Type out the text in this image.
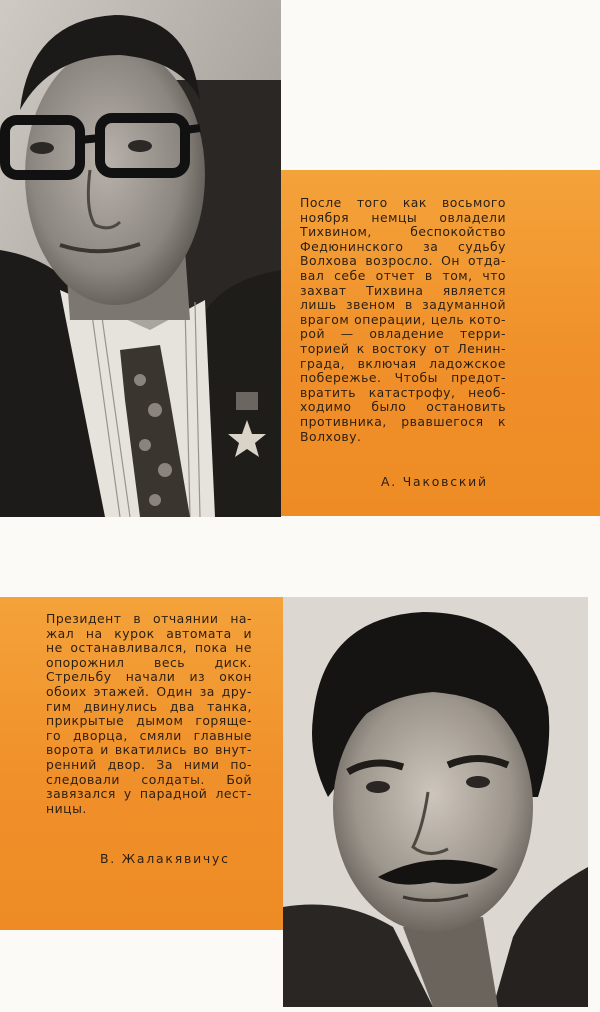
После того как восьмого
ноября немцы овладели
Тихвином, беспокойство
Федюнинского за судьбу
Волхова возросло. Он отда-
вал себе отчет в том, что
захват Тихвина является
лишь звеном в задуманной
врагом операции, цель кото-
рой — овладение терри-
торией к востоку от Ленин-
града, включая ладожское
побережье. Чтобы предот-
вратить катастрофу, необ-
ходимо было остановить
противника, рвавшегося к
Волхову.
А. Чаковский
Президент в отчаянии на-
жал на курок автомата и
не останавливался, пока не
опорожнил весь диск.
Стрельбу начали из окон
обоих этажей. Один за дру-
гим двинулись два танка,
прикрытые дымом горяще-
го дворца, смяли главные
ворота и вкатились во внут-
ренний двор. За ними по-
следовали солдаты. Бой
завязался у парадной лест-
ницы.
В. Жалакявичус
